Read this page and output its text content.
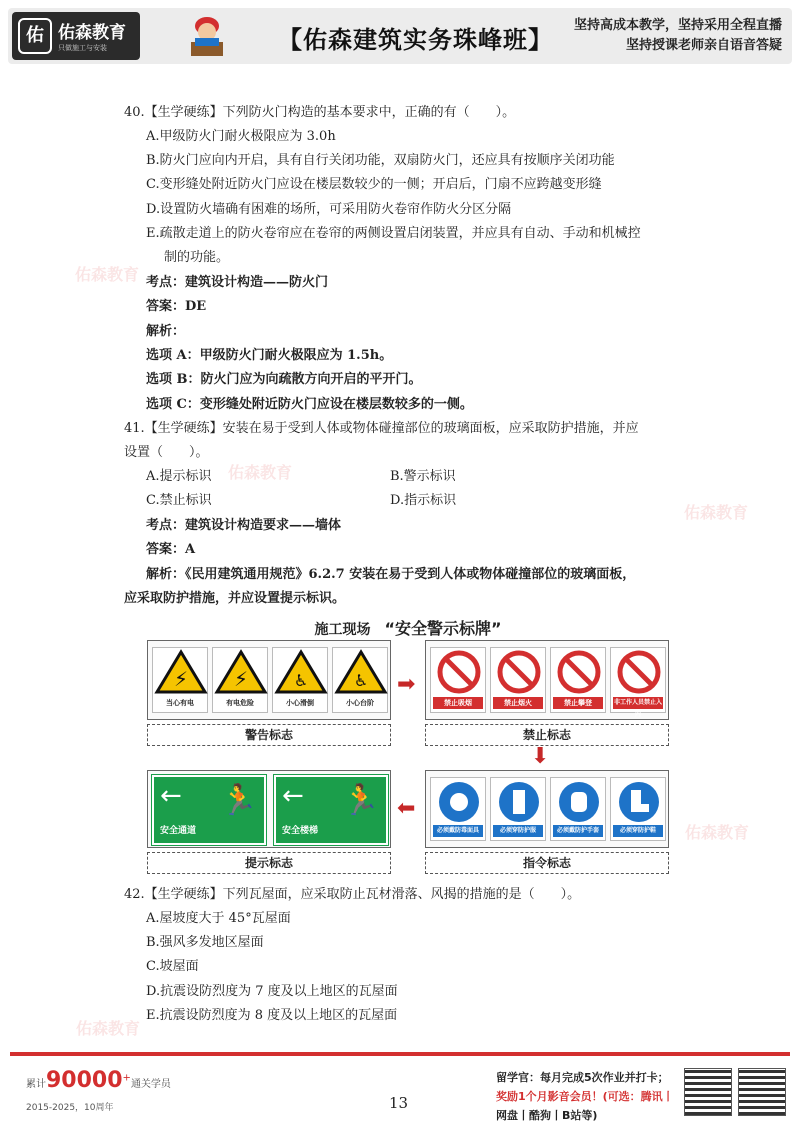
佑 佑森教育
只做施工与安装	【佑森建筑实务珠峰班】
坚持高成本教学，坚持采用全程直播
坚持授课老师亲自语音答疑
佑森教育
佑森教育
佑森教育
佑森教育
佑森教育
40.【生学硬练】下列防火门构造的基本要求中，正确的有（　　）。
A.甲级防火门耐火极限应为 3.0h
B.防火门应向内开启，具有自行关闭功能，双扇防火门，还应具有按顺序关闭功能
C.变形缝处附近防火门应设在楼层数较少的一侧；开启后，门扇不应跨越变形缝
D.设置防火墙确有困难的场所，可采用防火卷帘作防火分区分隔
E.疏散走道上的防火卷帘应在卷帘的两侧设置启闭装置，并应具有自动、手动和机械控
制的功能。
考点：建筑设计构造——防火门
答案：DE
解析：
选项 A：甲级防火门耐火极限应为 1.5h。
选项 B：防火门应为向疏散方向开启的平开门。
选项 C：变形缝处附近防火门应设在楼层数较多的一侧。
41.【生学硬练】安装在易于受到人体或物体碰撞部位的玻璃面板，应采取防护措施，并应
设置（　　）。
A.提示标识	B.警示标识
C.禁止标识	D.指示标识
考点：建筑设计构造要求——墙体
答案：A
解析：《民用建筑通用规范》6.2.7 安装在易于受到人体或物体碰撞部位的玻璃面板，
应采取防护措施，并应设置提示标识。
施工现场　 “安全警示标牌”
⚡
当心有电
⚡
有电危险
♿
小心滑倒
♿
小心台阶
警告标志
➡
禁止吸烟	禁止烟火	禁止攀登	非工作人员禁止入内
禁止标志
⬇
← 🏃
安全通道
← 🏃
安全楼梯
提示标志
⬅
必须戴防毒面具	必须穿防护服	必须戴防护手套	必须穿防护鞋
指令标志
42.【生学硬练】下列瓦屋面，应采取防止瓦材滑落、风揭的措施的是（　　）。
A.屋坡度大于 45°瓦屋面
B.强风多发地区屋面
C.坡屋面
D.抗震设防烈度为 7 度及以上地区的瓦屋面
E.抗震设防烈度为 8 度及以上地区的瓦屋面
累计90000+通关学员
2015-2025，10周年	13
留学官：每月完成5次作业并打卡；
奖励1个月影音会员！(可选：腾讯丨
网盘丨酷狗丨B站等)
